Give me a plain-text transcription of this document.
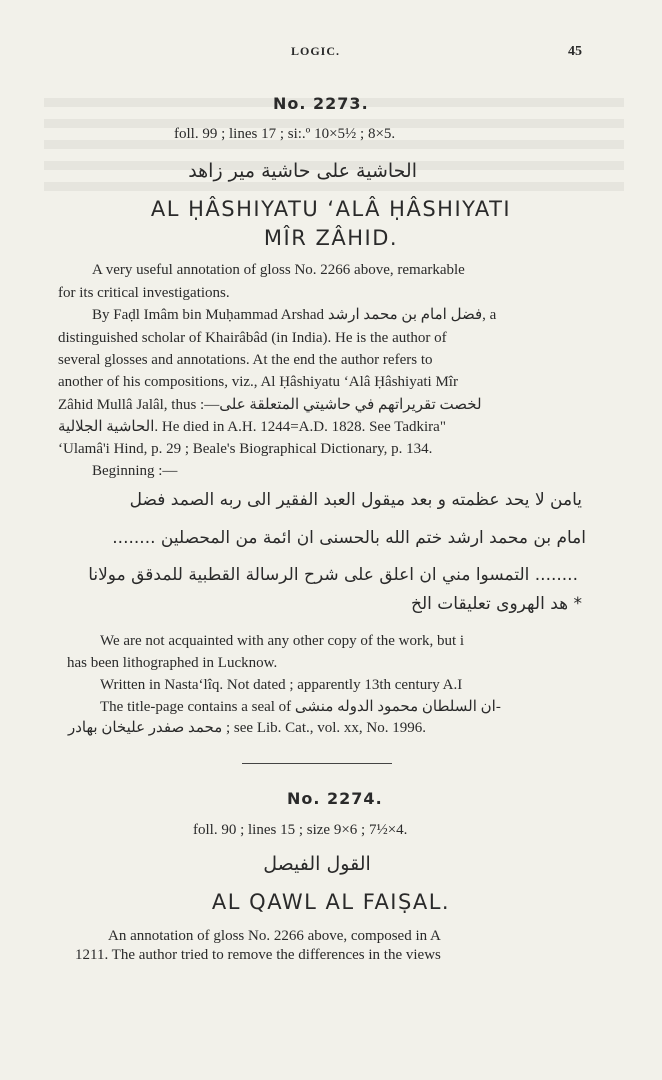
LOGIC.	45
No. 2273.
foll. 99 ; lines 17 ; si:.º 10×5½ ; 8×5.
الحاشية على حاشية مير زاهد
AL ḤÂSHIYATU ‘ALÂ ḤÂSHIYATI
MÎR ZÂHID.
A very useful annotation of gloss No. 2266 above, remarkable
for its critical investigations.
By Faḍl Imâm bin Muḥammad Arshad فضل امام بن محمد ارشد, a
distinguished scholar of Khairâbâd (in India). He is the author of
several glosses and annotations. At the end the author refers to
another of his compositions, viz., Al Ḥâshiyatu ‘Alâ Ḥâshiyati Mîr
Zâhid Mullâ Jalâl, thus :—لخصت تقريراتهم في حاشيتي المتعلقة على
الحاشية الجلالية. He died in A.H. 1244=A.D. 1828. See Tadkira"
‘Ulamâ'i Hind, p. 29 ; Beale's Biographical Dictionary, p. 134.
Beginning :—
يامن لا يحد عظمته و بعد ميقول العبد الفقير الى ربه الصمد فضل
امام بن محمد ارشد ختم الله بالحسنى ان ائمة من المحصلين ........
........ التمسوا مني ان اعلق على شرح الرسالة القطبية للمدقق مولانا
* هد الهروى تعليقات الخ
We are not acquainted with any other copy of the work, but i
has been lithographed in Lucknow.
Written in Nasta‘lîq. Not dated ; apparently 13th century A.I
The title-page contains a seal of ان السلطان محمود الدوله منشى-
محمد صفدر عليخان بهادر ; see Lib. Cat., vol. xx, No. 1996.
No. 2274.
foll. 90 ; lines 15 ; size 9×6 ; 7½×4.
القول الفيصل
AL QAWL AL FAIṢAL.
An annotation of gloss No. 2266 above, composed in A
1211. The author tried to remove the differences in the views
